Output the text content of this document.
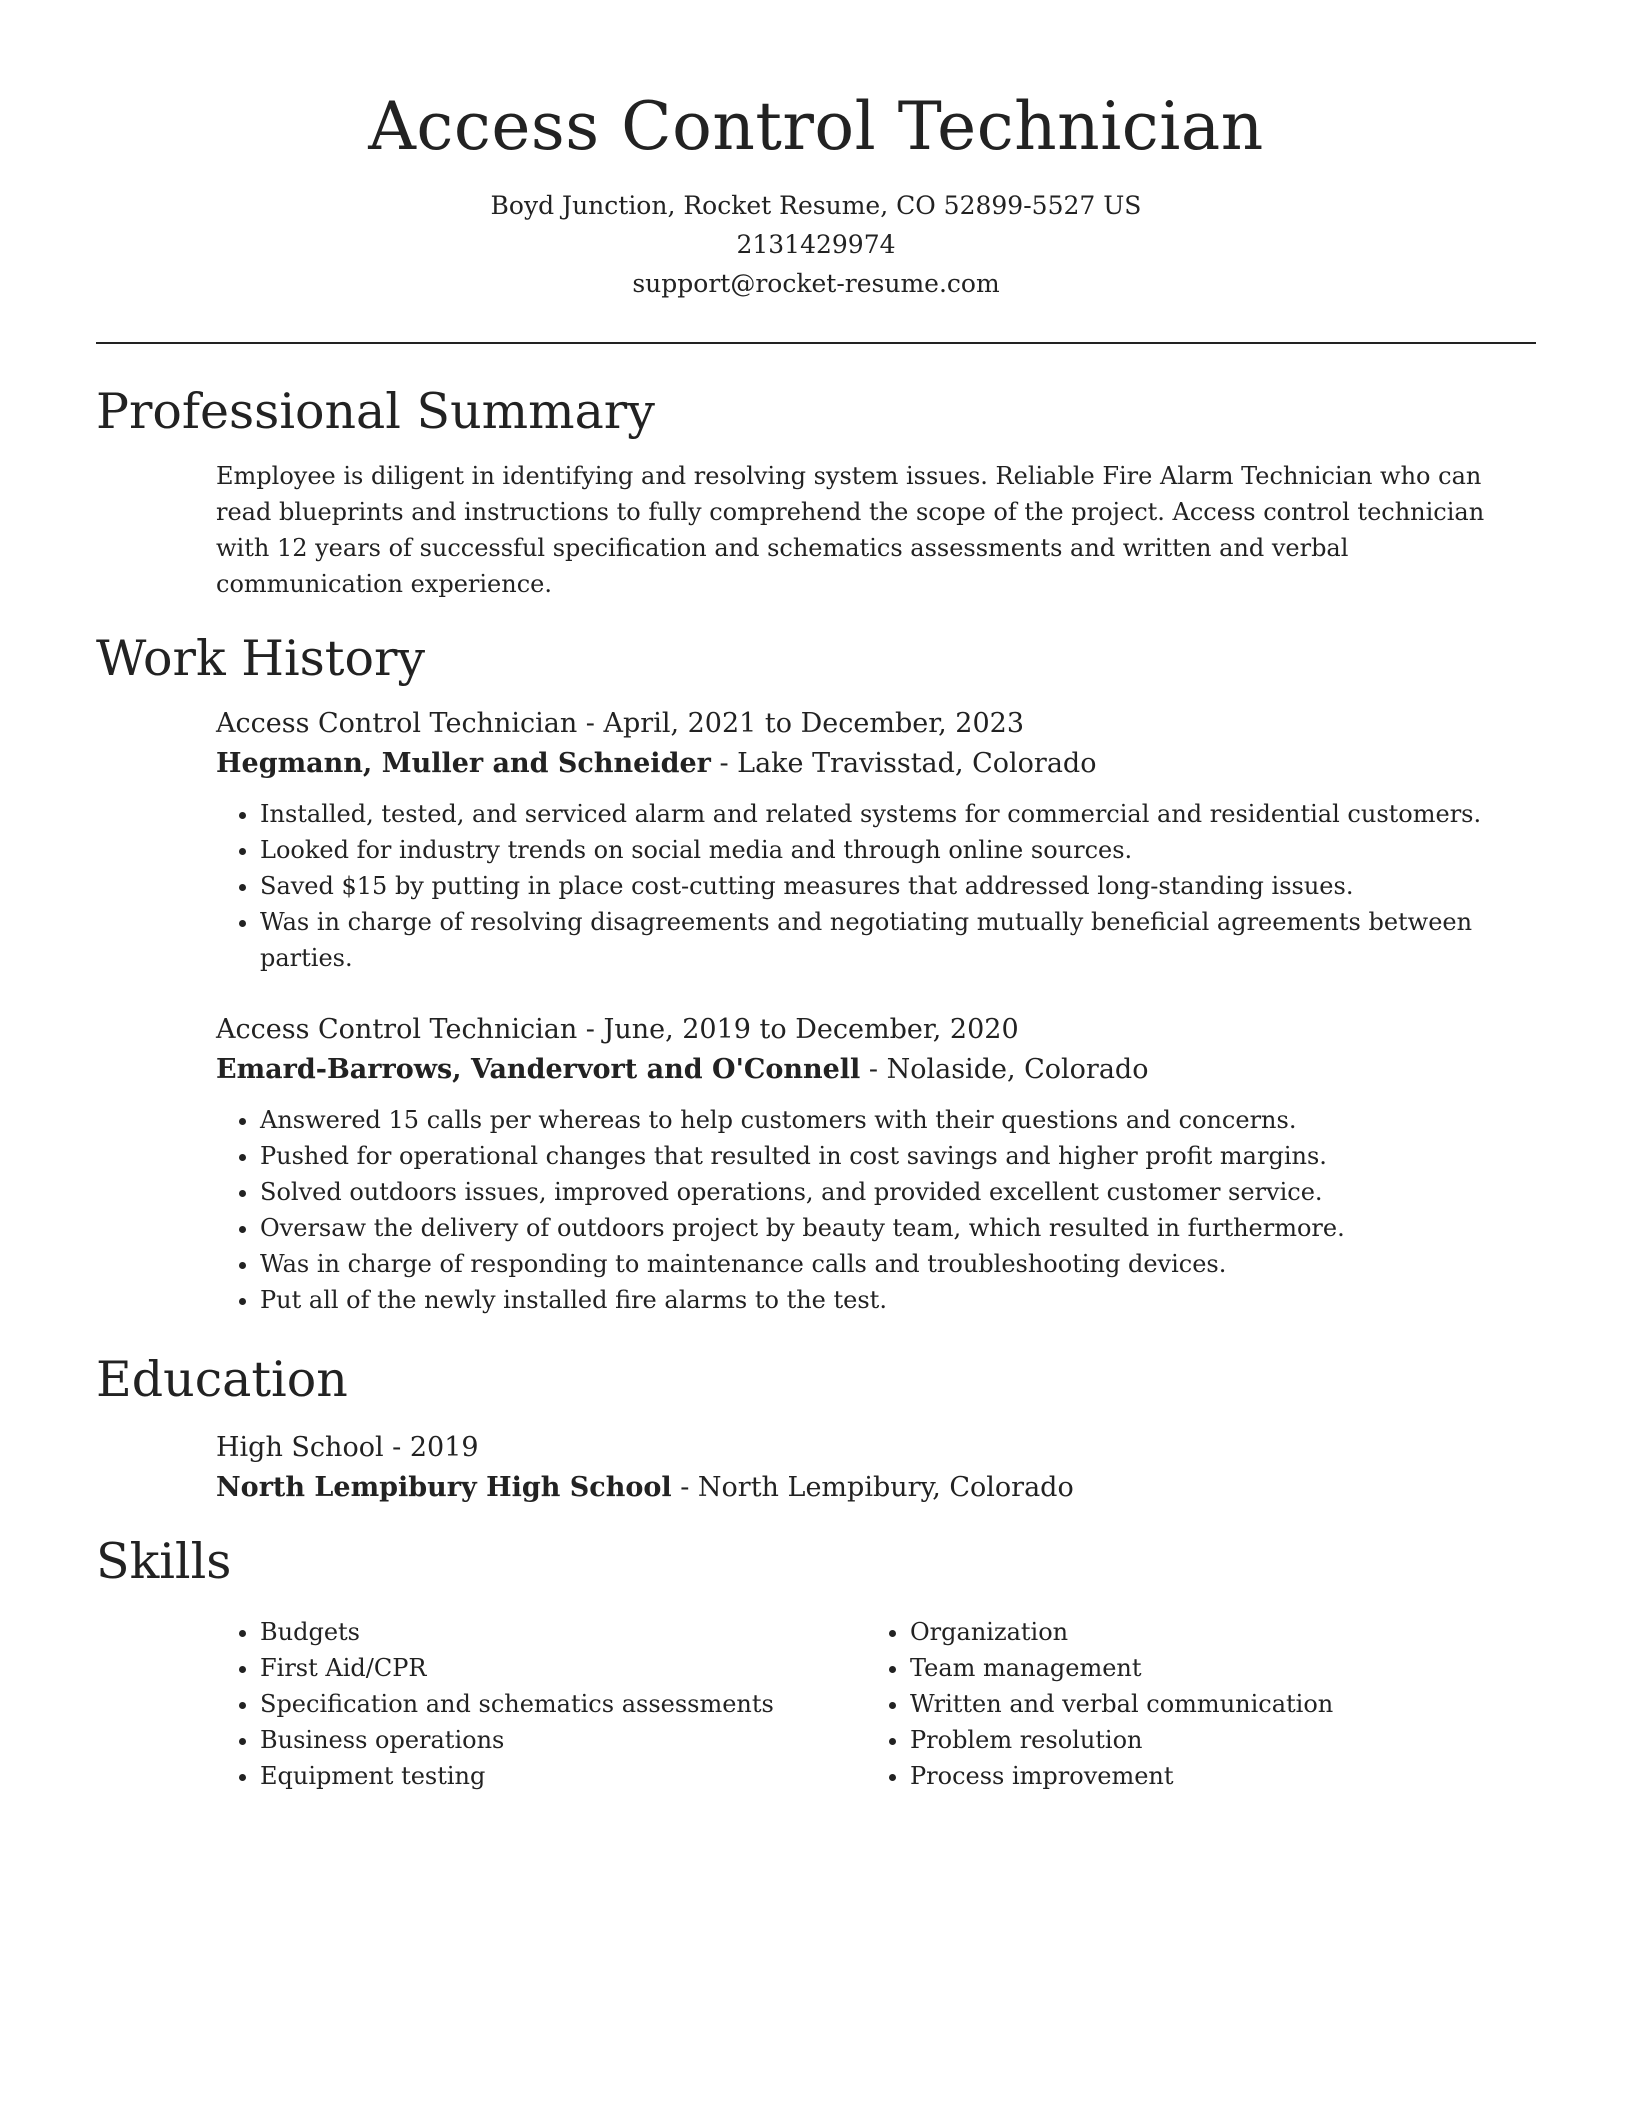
Access Control Technician
Boyd Junction, Rocket Resume, CO 52899-5527 US
2131429974
support@rocket-resume.com
Professional Summary

Employee is diligent in identifying and resolving system issues. Reliable Fire Alarm Technician who can read blueprints and instructions to fully comprehend the scope of the project. Access control technician with 12 years of successful specification and schematics assessments and written and verbal communication experience.

Work History

Access Control Technician - April, 2021 to December, 2023

Hegmann, Muller and Schneider - Lake Travisstad, Colorado

• Installed, tested, and serviced alarm and related systems for commercial and residential customers.
• Looked for industry trends on social media and through online sources.
• Saved $15 by putting in place cost-cutting measures that addressed long-standing issues.
• Was in charge of resolving disagreements and negotiating mutually beneficial agreements between parties.

Access Control Technician - June, 2019 to December, 2020

Emard-Barrows, Vandervort and O'Connell - Nolaside, Colorado

• Answered 15 calls per whereas to help customers with their questions and concerns.
• Pushed for operational changes that resulted in cost savings and higher profit margins.
• Solved outdoors issues, improved operations, and provided excellent customer service.
• Oversaw the delivery of outdoors project by beauty team, which resulted in furthermore.
• Was in charge of responding to maintenance calls and troubleshooting devices.
• Put all of the newly installed fire alarms to the test.
Education

High School - 2019

North Lempibury High School - North Lempibury, Colorado

Skills
• Budgets
• First Aid/CPR
• Specification and schematics assessments
• Business operations
• Equipment testing
• Organization
• Team management
• Written and verbal communication
• Problem resolution
• Process improvement
